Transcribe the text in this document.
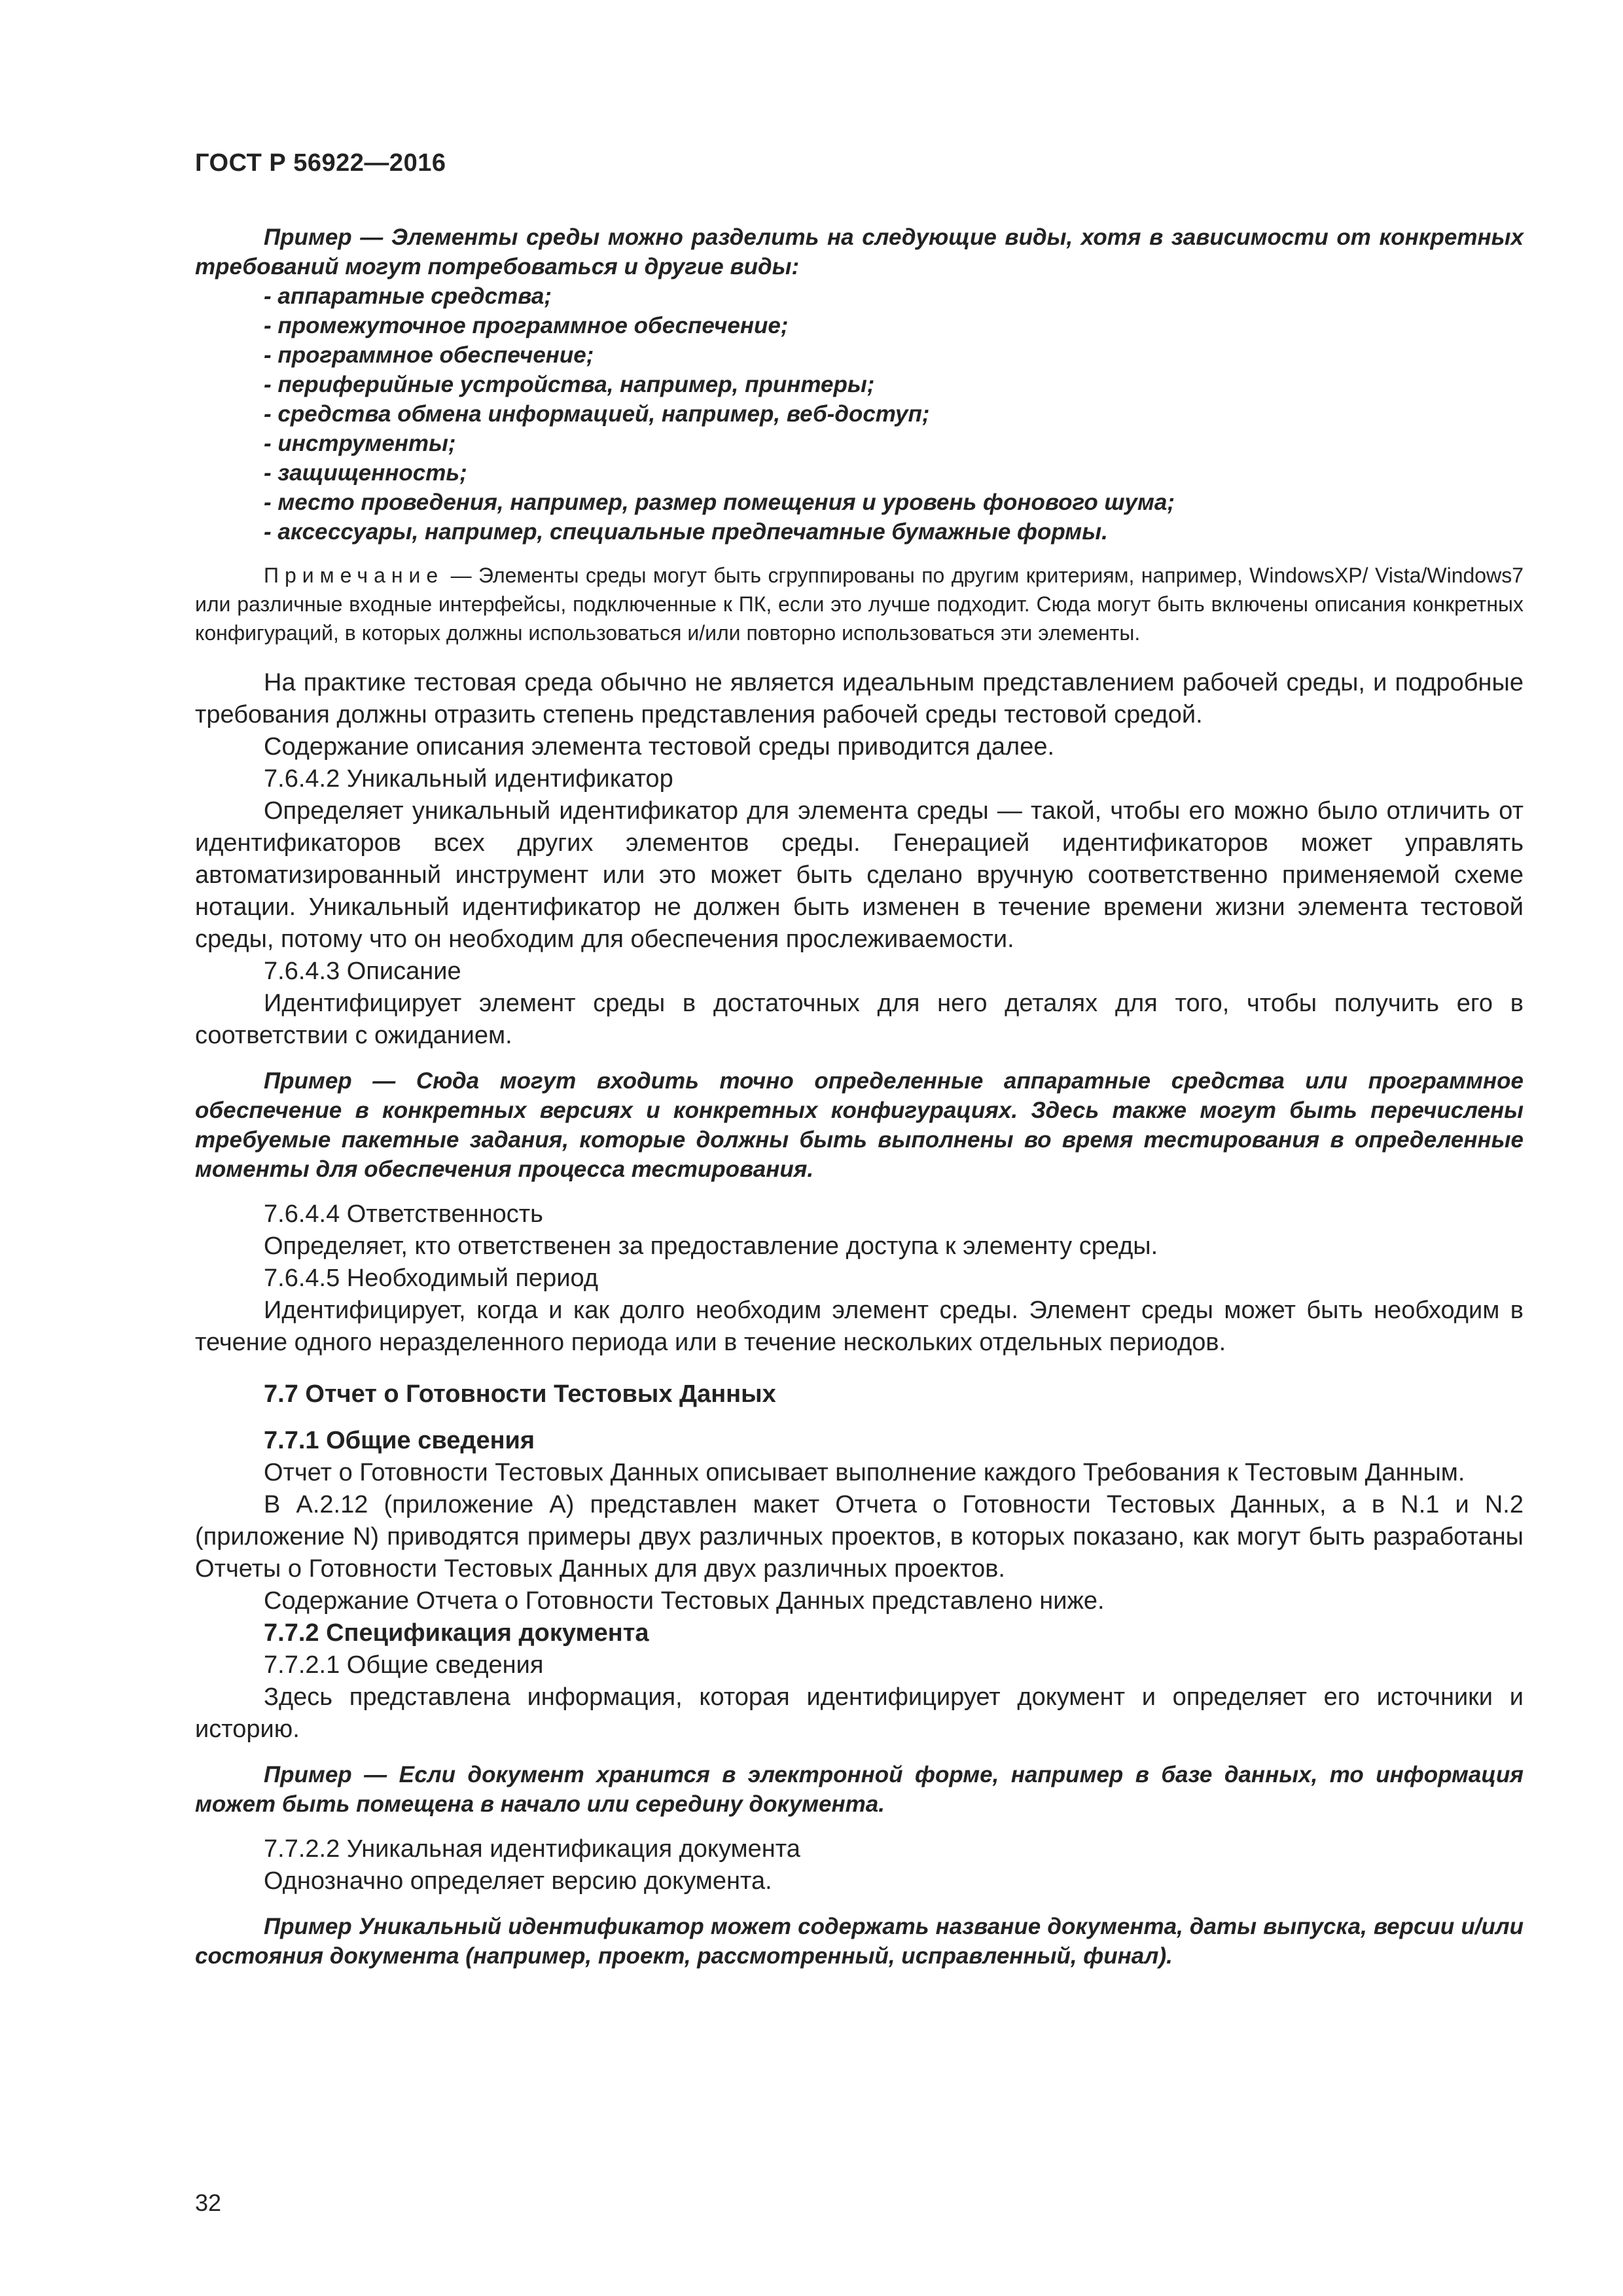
ГОСТ Р 56922—2016

Пример — Элементы среды можно разделить на следующие виды, хотя в зависимости от конкретных требований могут потребоваться и другие виды:

- аппаратные средства;

- промежуточное программное обеспечение;

- программное обеспечение;

- периферийные устройства, например, принтеры;

- средства обмена информацией, например, веб-доступ;

- инструменты;

- защищенность;

- место проведения, например, размер помещения и уровень фонового шума;

- аксессуары, например, специальные предпечатные бумажные формы.

Примечание — Элементы среды могут быть сгруппированы по другим критериям, например, WindowsXP/ Vista/Windows7 или различные входные интерфейсы, подключенные к ПК, если это лучше подходит. Сюда могут быть включены описания конкретных конфигураций, в которых должны использоваться и/или повторно использоваться эти элементы.

На практике тестовая среда обычно не является идеальным представлением рабочей среды, и подробные требования должны отразить степень представления рабочей среды тестовой средой.

Содержание описания элемента тестовой среды приводится далее.

7.6.4.2 Уникальный идентификатор

Определяет уникальный идентификатор для элемента среды — такой, чтобы его можно было отличить от идентификаторов всех других элементов среды. Генерацией идентификаторов может управлять автоматизированный инструмент или это может быть сделано вручную соответственно применяемой схеме нотации. Уникальный идентификатор не должен быть изменен в течение времени жизни элемента тестовой среды, потому что он необходим для обеспечения прослеживаемости.

7.6.4.3 Описание

Идентифицирует элемент среды в достаточных для него деталях для того, чтобы получить его в соответствии с ожиданием.

Пример — Сюда могут входить точно определенные аппаратные средства или программное обеспечение в конкретных версиях и конкретных конфигурациях. Здесь также могут быть перечислены требуемые пакетные задания, которые должны быть выполнены во время тестирования в определенные моменты для обеспечения процесса тестирования.

7.6.4.4 Ответственность

Определяет, кто ответственен за предоставление доступа к элементу среды.

7.6.4.5 Необходимый период

Идентифицирует, когда и как долго необходим элемент среды. Элемент среды может быть необходим в течение одного неразделенного периода или в течение нескольких отдельных периодов.

7.7 Отчет о Готовности Тестовых Данных

7.7.1 Общие сведения

Отчет о Готовности Тестовых Данных описывает выполнение каждого Требования к Тестовым Данным.

В А.2.12 (приложение А) представлен макет Отчета о Готовности Тестовых Данных, а в N.1 и N.2 (приложение N) приводятся примеры двух различных проектов, в которых показано, как могут быть разработаны Отчеты о Готовности Тестовых Данных для двух различных проектов.

Содержание Отчета о Готовности Тестовых Данных представлено ниже.

7.7.2 Спецификация документа

7.7.2.1 Общие сведения

Здесь представлена информация, которая идентифицирует документ и определяет его источники и историю.

Пример — Если документ хранится в электронной форме, например в базе данных, то информация может быть помещена в начало или середину документа.

7.7.2.2 Уникальная идентификация документа

Однозначно определяет версию документа.

Пример Уникальный идентификатор может содержать название документа, даты выпуска, версии и/или состояния документа (например, проект, рассмотренный, исправленный, финал).

32
